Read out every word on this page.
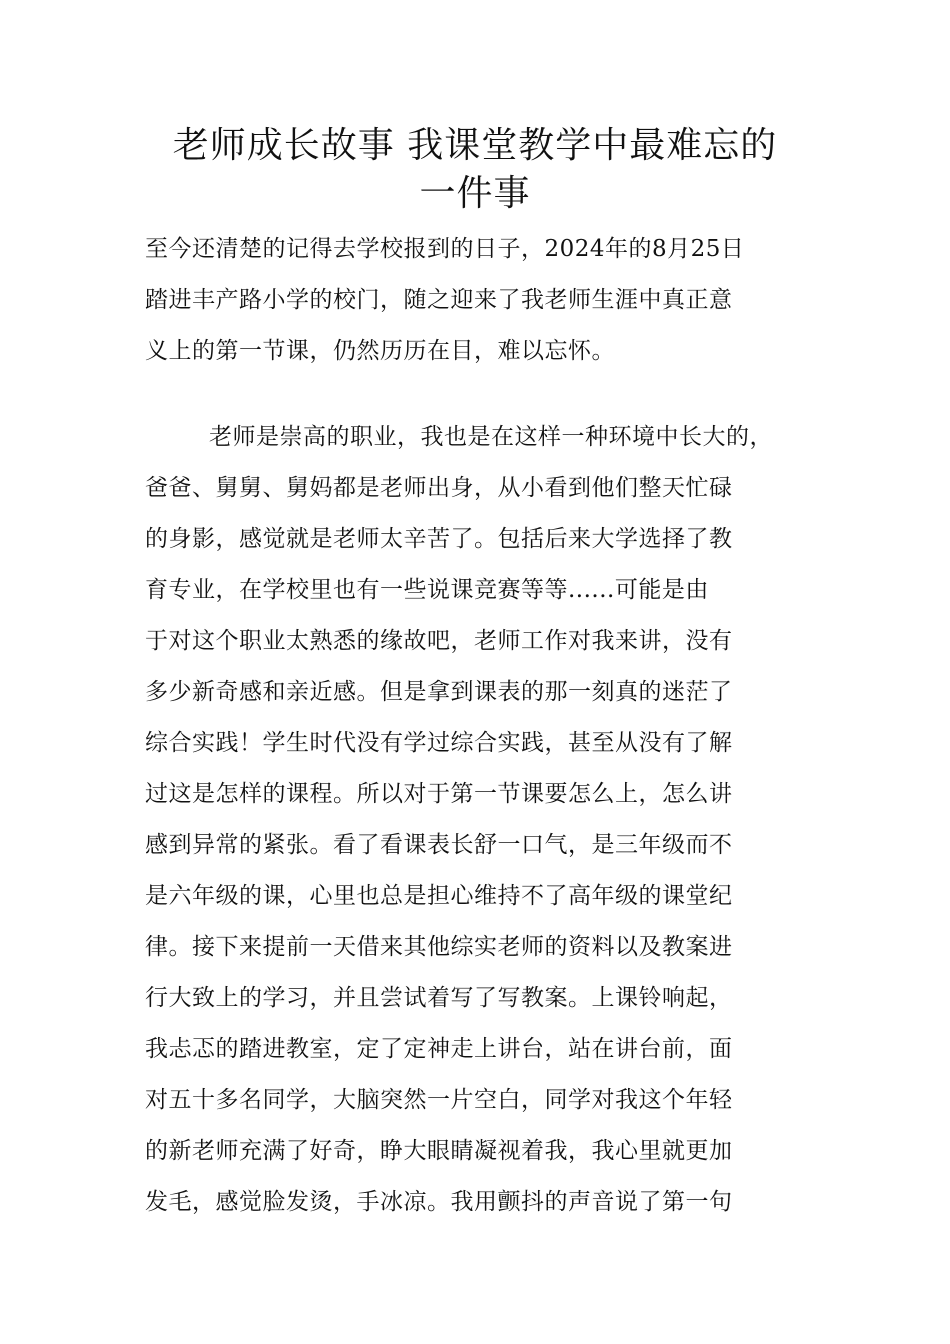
老师成长故事 我课堂教学中最难忘的
一件事
至今还清楚的记得去学校报到的日子，2024年的8月25日
踏进丰产路小学的校门，随之迎来了我老师生涯中真正意
义上的第一节课，仍然历历在目，难以忘怀。
老师是崇高的职业，我也是在这样一种环境中长大的，
爸爸、舅舅、舅妈都是老师出身，从小看到他们整天忙碌
的身影，感觉就是老师太辛苦了。包括后来大学选择了教
育专业，在学校里也有一些说课竞赛等等......可能是由
于对这个职业太熟悉的缘故吧，老师工作对我来讲，没有
多少新奇感和亲近感。但是拿到课表的那一刻真的迷茫了
综合实践！学生时代没有学过综合实践，甚至从没有了解
过这是怎样的课程。所以对于第一节课要怎么上，怎么讲
感到异常的紧张。看了看课表长舒一口气，是三年级而不
是六年级的课，心里也总是担心维持不了高年级的课堂纪
律。接下来提前一天借来其他综实老师的资料以及教案进
行大致上的学习，并且尝试着写了写教案。上课铃响起，
我忐忑的踏进教室，定了定神走上讲台，站在讲台前，面
对五十多名同学，大脑突然一片空白，同学对我这个年轻
的新老师充满了好奇，睁大眼睛凝视着我，我心里就更加
发毛，感觉脸发烫，手冰凉。我用颤抖的声音说了第一句
